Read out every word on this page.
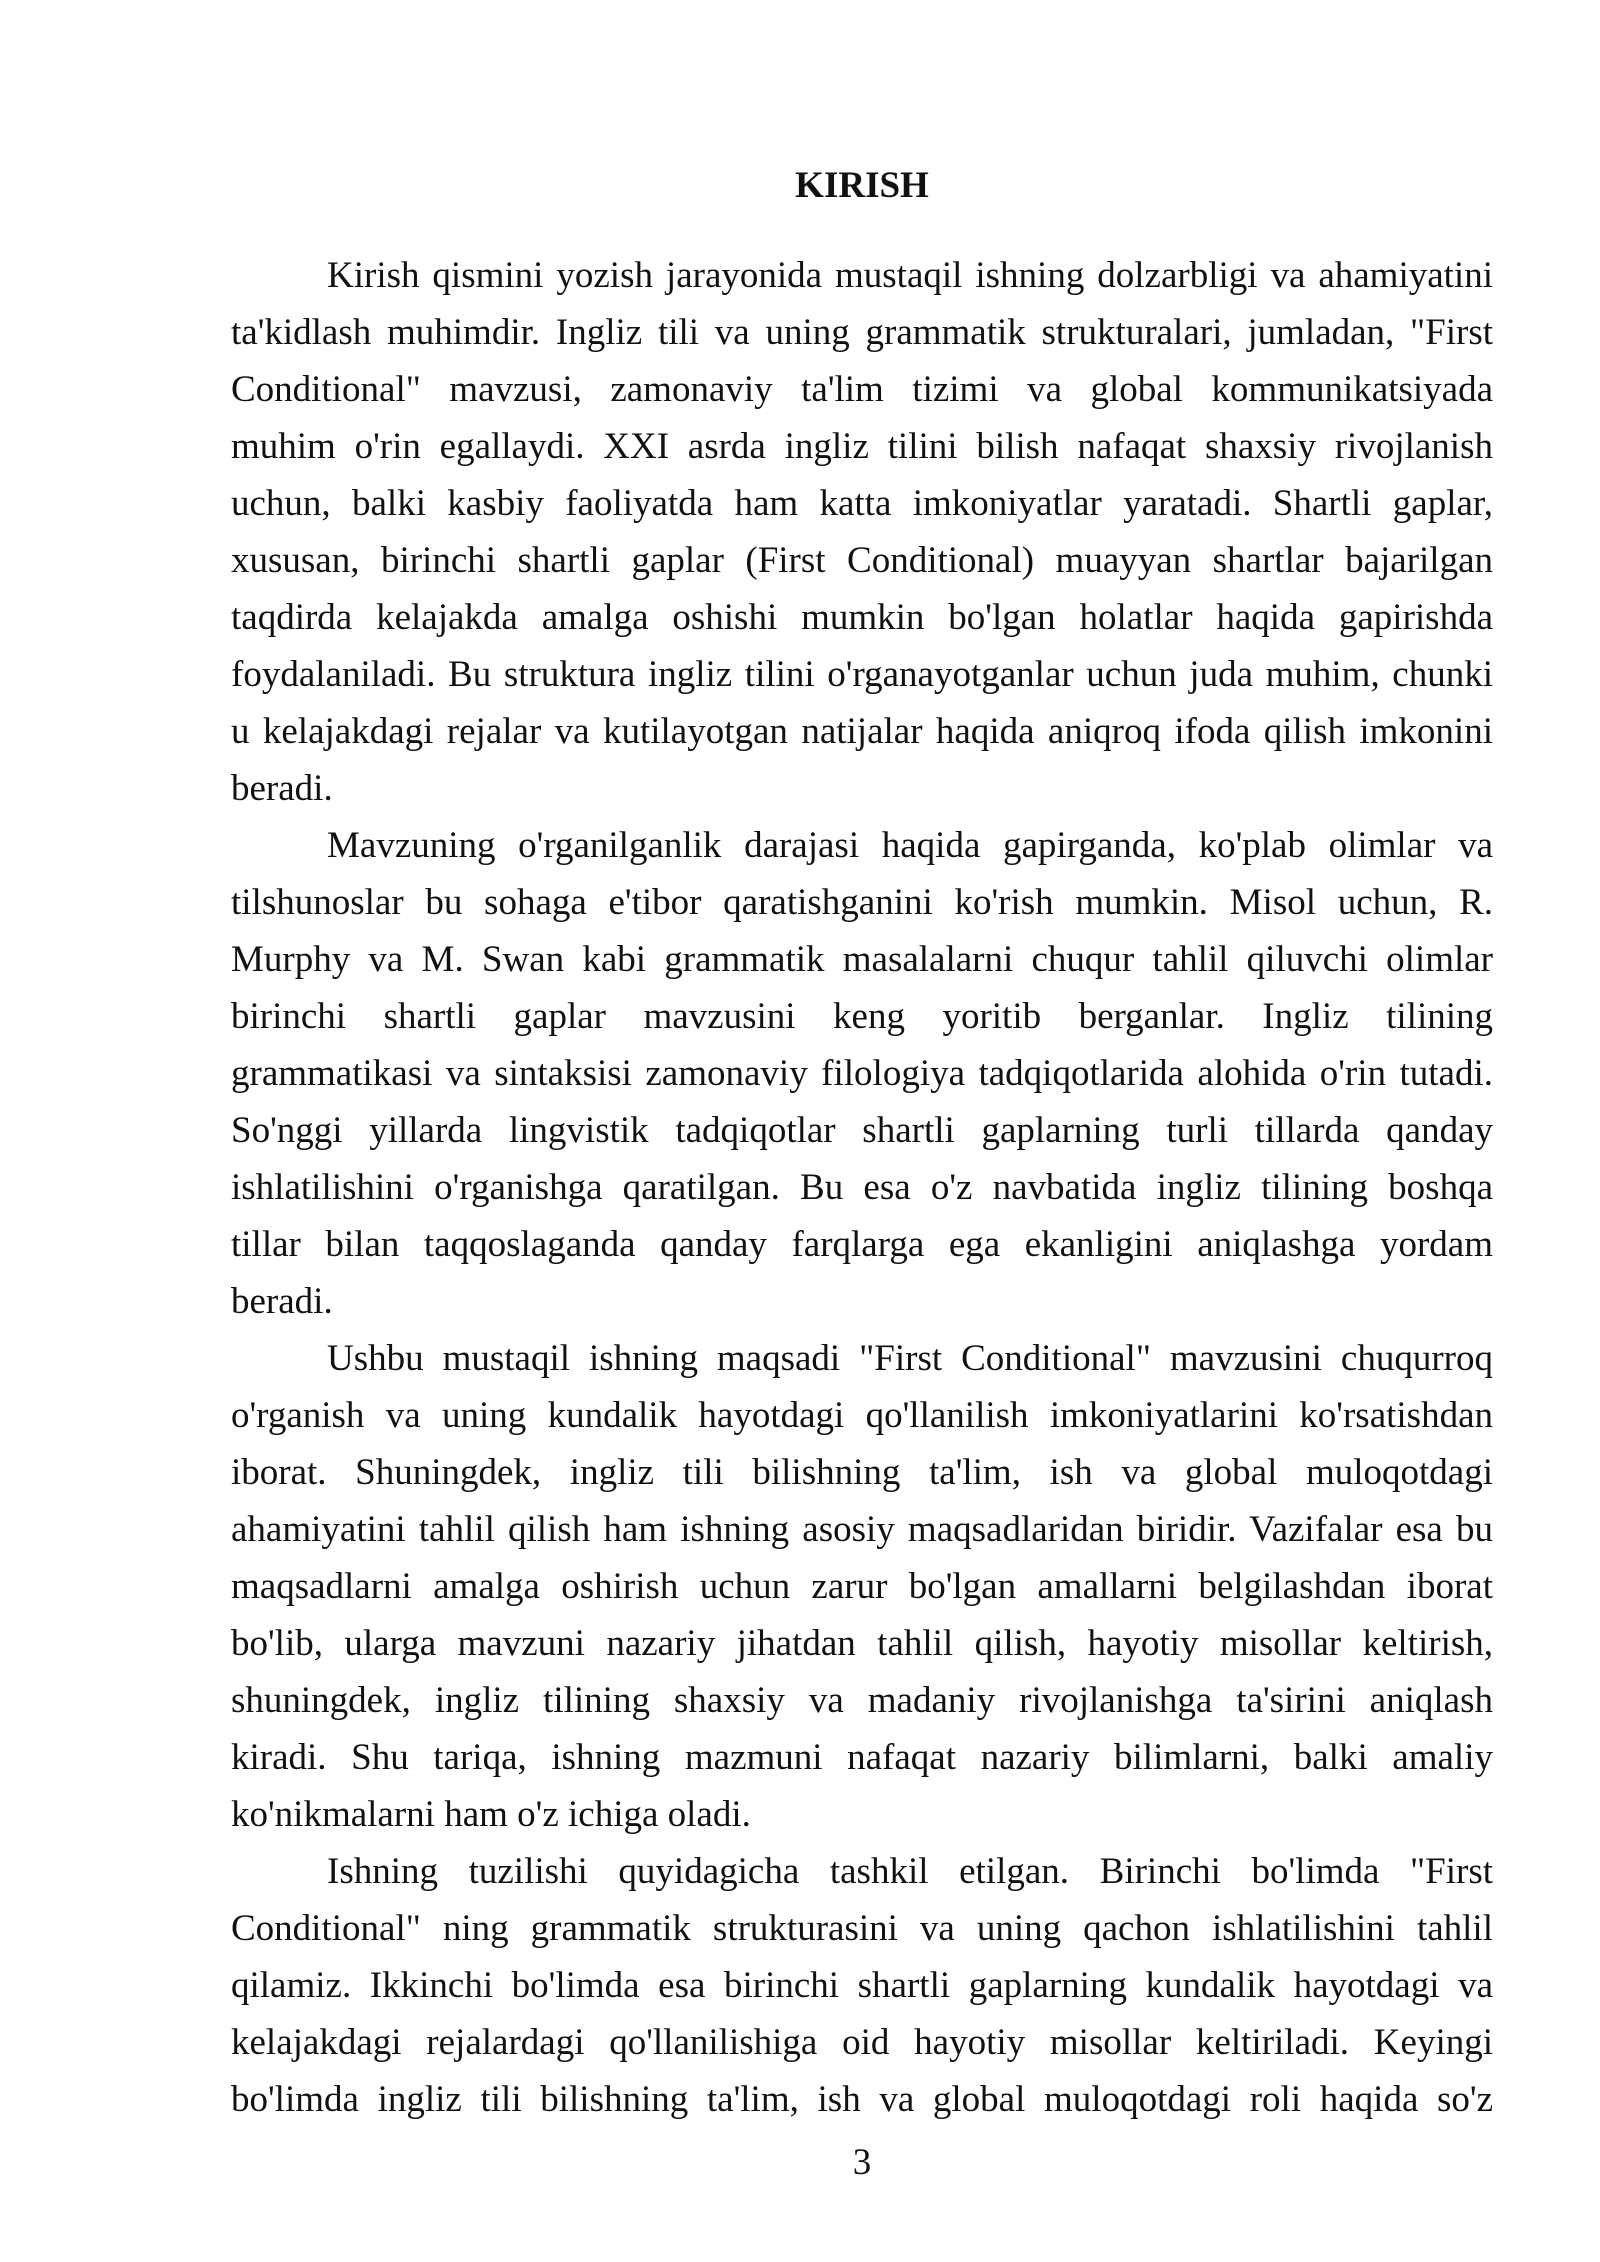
KIRISH
Kirish qismini yozish jarayonida mustaqil ishning dolzarbligi va ahamiyatini
ta'kidlash muhimdir. Ingliz tili va uning grammatik strukturalari, jumladan, "First
Conditional" mavzusi, zamonaviy ta'lim tizimi va global kommunikatsiyada
muhim o'rin egallaydi. XXI asrda ingliz tilini bilish nafaqat shaxsiy rivojlanish
uchun, balki kasbiy faoliyatda ham katta imkoniyatlar yaratadi. Shartli gaplar,
xususan, birinchi shartli gaplar (First Conditional) muayyan shartlar bajarilgan
taqdirda kelajakda amalga oshishi mumkin bo'lgan holatlar haqida gapirishda
foydalaniladi. Bu struktura ingliz tilini o'rganayotganlar uchun juda muhim, chunki
u kelajakdagi rejalar va kutilayotgan natijalar haqida aniqroq ifoda qilish imkonini
beradi.
Mavzuning o'rganilganlik darajasi haqida gapirganda, ko'plab olimlar va
tilshunoslar bu sohaga e'tibor qaratishganini ko'rish mumkin. Misol uchun, R.
Murphy va M. Swan kabi grammatik masalalarni chuqur tahlil qiluvchi olimlar
birinchi shartli gaplar mavzusini keng yoritib berganlar. Ingliz tilining
grammatikasi va sintaksisi zamonaviy filologiya tadqiqotlarida alohida o'rin tutadi.
So'nggi yillarda lingvistik tadqiqotlar shartli gaplarning turli tillarda qanday
ishlatilishini o'rganishga qaratilgan. Bu esa o'z navbatida ingliz tilining boshqa
tillar bilan taqqoslaganda qanday farqlarga ega ekanligini aniqlashga yordam
beradi.
Ushbu mustaqil ishning maqsadi "First Conditional" mavzusini chuqurroq
o'rganish va uning kundalik hayotdagi qo'llanilish imkoniyatlarini ko'rsatishdan
iborat. Shuningdek, ingliz tili bilishning ta'lim, ish va global muloqotdagi
ahamiyatini tahlil qilish ham ishning asosiy maqsadlaridan biridir. Vazifalar esa bu
maqsadlarni amalga oshirish uchun zarur bo'lgan amallarni belgilashdan iborat
bo'lib, ularga mavzuni nazariy jihatdan tahlil qilish, hayotiy misollar keltirish,
shuningdek, ingliz tilining shaxsiy va madaniy rivojlanishga ta'sirini aniqlash
kiradi. Shu tariqa, ishning mazmuni nafaqat nazariy bilimlarni, balki amaliy
ko'nikmalarni ham o'z ichiga oladi.
Ishning tuzilishi quyidagicha tashkil etilgan. Birinchi bo'limda "First
Conditional" ning grammatik strukturasini va uning qachon ishlatilishini tahlil
qilamiz. Ikkinchi bo'limda esa birinchi shartli gaplarning kundalik hayotdagi va
kelajakdagi rejalardagi qo'llanilishiga oid hayotiy misollar keltiriladi. Keyingi
bo'limda ingliz tili bilishning ta'lim, ish va global muloqotdagi roli haqida so'z
3
